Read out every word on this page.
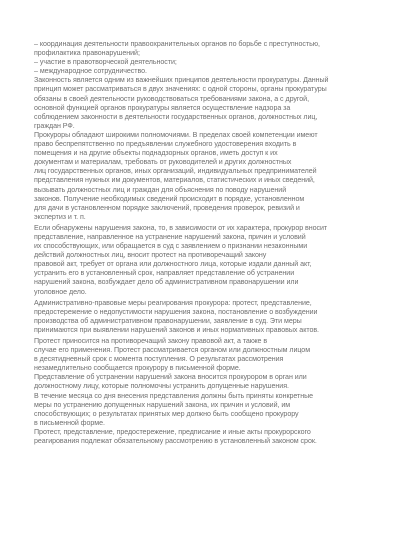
– координация деятельности правоохранительных органов по борьбе с преступностью,
профилактика правонарушений;
– участие в правотворческой деятельности;
– международное сотрудничество.
Законность является одним из важнейших принципов деятельности прокуратуры. Данный
принцип может рассматриваться в двух значениях: с одной стороны, органы прокуратуры
обязаны в своей деятельности руководствоваться требованиями закона, а с другой,
основной функцией органов прокуратуры является осуществление надзора за
соблюдением законности в деятельности государственных органов, должностных лиц,
граждан РФ.
Прокуроры обладают широкими полномочиями. В пределах своей компетенции имеют
право беспрепятственно по предъявлении служебного удостоверения входить в
помещения и на другие объекты поднадзорных органов, иметь доступ к их
документам и материалам, требовать от руководителей и других должностных
лиц государственных органов, иных организаций, индивидуальных предпринимателей
представления нужных им документов, материалов, статистических и иных сведений,
вызывать должностных лиц и граждан для объяснения по поводу нарушений
законов. Получение необходимых сведений происходит в порядке, установленном
для дачи в установленном порядке заключений, проведения проверок, ревизий и
экспертиз и т. п.
Если обнаружены нарушения закона, то, в зависимости от их характера, прокурор вносит
представление, направленное на устранение нарушений закона, причин и условий
их способствующих, или обращается в суд с заявлением о признании незаконными
действий должностных лиц, вносит протест на противоречащий закону
правовой акт, требует от органа или должностного лица, которые издали данный акт,
устранить его в установленный срок, направляет представление об устранении
нарушений закона, возбуждает дело об административном правонарушении или
уголовное дело.
Административно-правовые меры реагирования прокурора: протест, представление,
предостережение о недопустимости нарушения закона, постановление о возбуждении
производства об административном правонарушении, заявление в суд. Эти меры
принимаются при выявлении нарушений законов и иных нормативных правовых актов.
Протест приносится на противоречащий закону правовой акт, а также в
случае его применения. Протест рассматривается органом или должностным лицом
в десятидневный срок с момента поступления. О результатах рассмотрения
незамедлительно сообщается прокурору в письменной форме.
Представление об устранении нарушений закона вносится прокурором в орган или
должностному лицу, которые полномочны устранить допущенные нарушения.
В течение месяца со дня внесения представления должны быть приняты конкретные
меры по устранению допущенных нарушений закона, их причин и условий, им
способствующих; о результатах принятых мер должно быть сообщено прокурору
в письменной форме.
Протест, представление, предостережение, предписание и иные акты прокурорского
реагирования подлежат обязательному рассмотрению в установленный законом срок.
